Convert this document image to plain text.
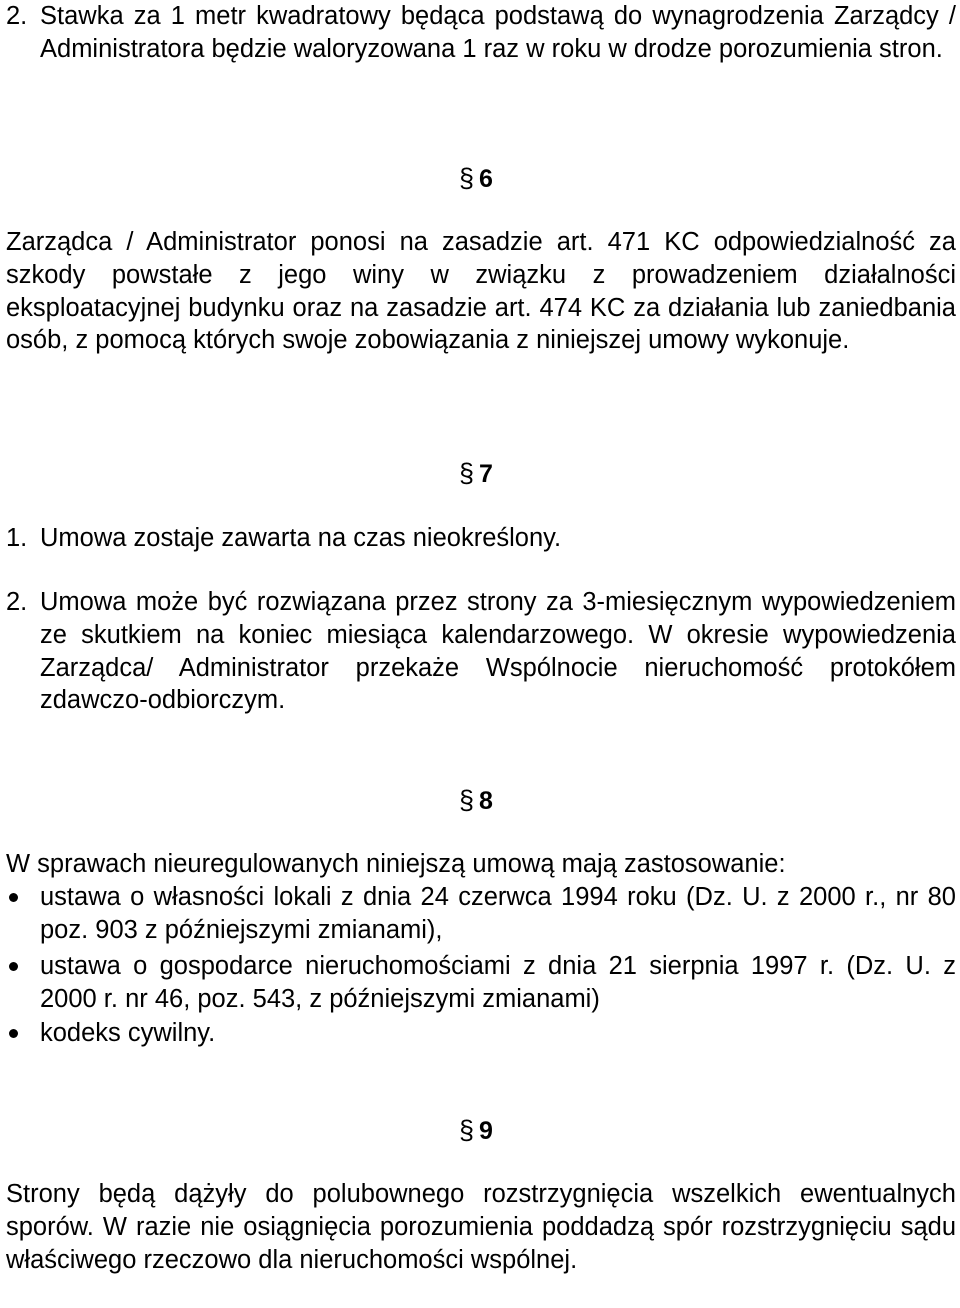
2. Stawka za 1 metr kwadratowy będąca podstawą do wynagrodzenia Zarządcy / Administratora będzie waloryzowana 1 raz w roku w drodze porozumienia stron.
§ 6

Zarządca / Administrator ponosi na zasadzie art. 471 KC odpowiedzialność za szkody powstałe z jego winy w związku z prowadzeniem działalności eksploatacyjnej budynku oraz na zasadzie art. 474 KC za działania lub zaniedbania osób, z pomocą których swoje zobowiązania z niniejszej umowy wykonuje.

§ 7
1. Umowa zostaje zawarta na czas nieokreślony.
2. Umowa może być rozwiązana przez strony za 3-miesięcznym wypowiedzeniem ze skutkiem na koniec miesiąca kalendarzowego. W okresie wypowiedzenia Zarządca/ Administrator przekaże Wspólnocie nieruchomość protokółem zdawczo-odbiorczym.
§ 8

W sprawach nieuregulowanych niniejszą umową mają zastosowanie:

ustawa o własności lokali z dnia 24 czerwca 1994 roku (Dz. U. z 2000 r., nr 80 poz. 903 z późniejszymi zmianami),
ustawa o gospodarce nieruchomościami z dnia 21 sierpnia 1997 r. (Dz. U. z 2000 r. nr 46, poz. 543, z późniejszymi zmianami)
kodeks cywilny.
§ 9

Strony będą dążyły do polubownego rozstrzygnięcia wszelkich ewentualnych sporów. W razie nie osiągnięcia porozumienia poddadzą spór rozstrzygnięciu sądu właściwego rzeczowo dla nieruchomości wspólnej.
